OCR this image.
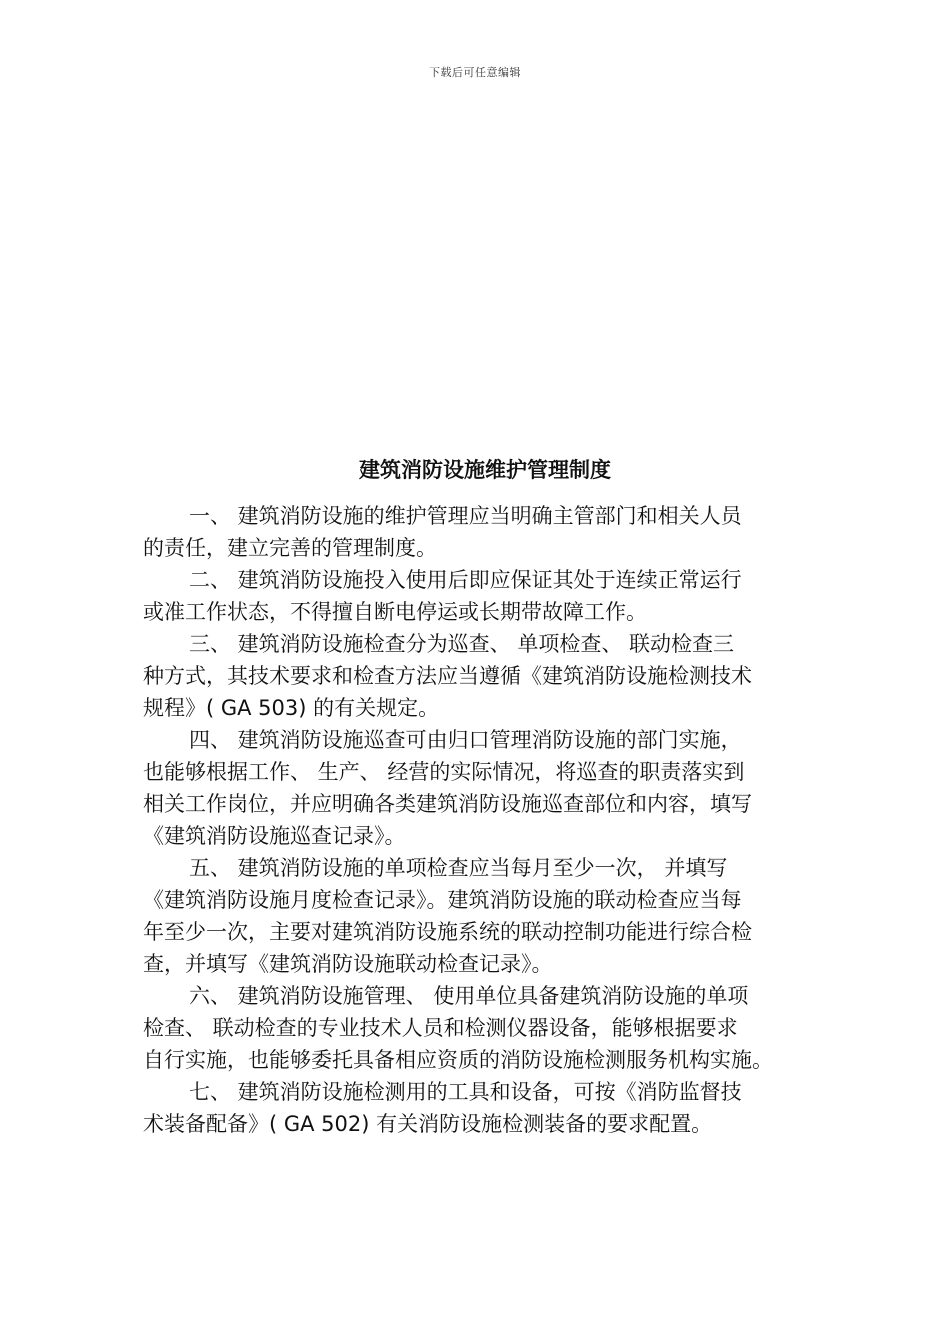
下载后可任意编辑
建筑消防设施维护管理制度
一、 建筑消防设施的维护管理应当明确主管部门和相关人员
的责任，建立完善的管理制度。
二、 建筑消防设施投入使用后即应保证其处于连续正常运行
或准工作状态，不得擅自断电停运或长期带故障工作。
三、 建筑消防设施检查分为巡查、 单项检查、 联动检查三
种方式，其技术要求和检查方法应当遵循《建筑消防设施检测技术
规程》( GA 503) 的有关规定。
四、 建筑消防设施巡查可由归口管理消防设施的部门实施，
也能够根据工作、 生产、 经营的实际情况，将巡查的职责落实到
相关工作岗位，并应明确各类建筑消防设施巡查部位和内容，填写
《建筑消防设施巡查记录》。
五、 建筑消防设施的单项检查应当每月至少一次， 并填写
《建筑消防设施月度检查记录》。建筑消防设施的联动检查应当每
年至少一次，主要对建筑消防设施系统的联动控制功能进行综合检
查，并填写《建筑消防设施联动检查记录》。
六、 建筑消防设施管理、 使用单位具备建筑消防设施的单项
检查、 联动检查的专业技术人员和检测仪器设备，能够根据要求
自行实施，也能够委托具备相应资质的消防设施检测服务机构实施。
七、 建筑消防设施检测用的工具和设备，可按《消防监督技
术装备配备》( GA 502) 有关消防设施检测装备的要求配置。
